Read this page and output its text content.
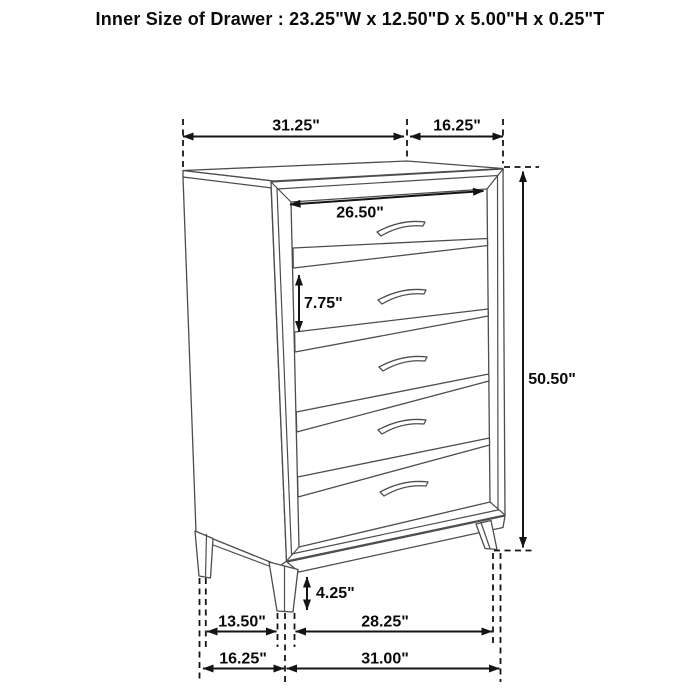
Inner Size of Drawer : 23.25"W x 12.50"D x 5.00"H x 0.25"T
31.25"	16.25"
26.50"
7.75"
50.50"
4.25"
13.50"	28.25"
16.25"	31.00"
